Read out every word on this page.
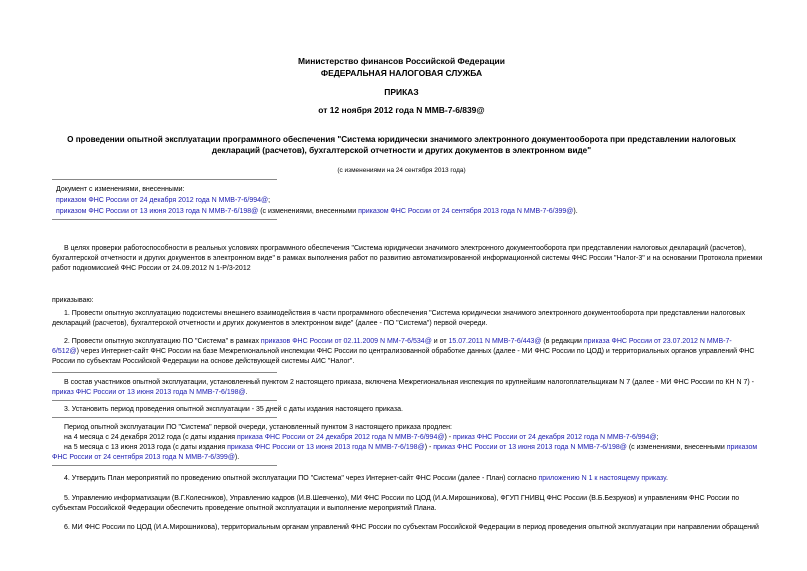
Министерство финансов Российской Федерации
ФЕДЕРАЛЬНАЯ НАЛОГОВАЯ СЛУЖБА
ПРИКАЗ
от 12 ноября 2012 года N ММВ-7-6/839@
О проведении опытной эксплуатации программного обеспечения "Система юридически значимого электронного документооборота при представлении налоговых
деклараций (расчетов), бухгалтерской отчетности и других документов в электронном виде"
(с изменениями на 24 сентября 2013 года)
Документ с изменениями, внесенными:
приказом ФНС России от 24 декабря 2012 года N ММВ-7-6/994@;
приказом ФНС России от 13 июня 2013 года N ММВ-7-6/198@ (с изменениями, внесенными приказом ФНС России от 24 сентября 2013 года N ММВ-7-6/399@).
В целях проверки работоспособности в реальных условиях программного обеспечения "Система юридически значимого электронного документооборота при представлении налоговых деклараций (расчетов),
бухгалтерской отчетности и других документов в электронном виде" в рамках выполнения работ по развитию автоматизированной информационной системы ФНС России "Налог-3" и на основании Протокола приемки
работ подкомиссией ФНС России от 24.09.2012 N 1-Р/3-2012
приказываю:
1. Провести опытную эксплуатацию подсистемы внешнего взаимодействия в части программного обеспечения "Система юридически значимого электронного документооборота при представлении налоговых
деклараций (расчетов), бухгалтерской отчетности и других документов в электронном виде" (далее - ПО "Система") первой очереди.
2. Провести опытную эксплуатацию ПО "Система" в рамках приказов ФНС России от 02.11.2009 N ММ-7-6/534@ и от 15.07.2011 N ММВ-7-6/443@ (в редакции приказа ФНС России от 23.07.2012 N ММВ-7-
6/512@) через Интернет-сайт ФНС России на базе Межрегиональной инспекции ФНС России по централизованной обработке данных (далее - МИ ФНС России по ЦОД) и территориальных органов управлений ФНС
России по субъектам Российской Федерации на основе действующей системы АИС "Налог".
В состав участников опытной эксплуатации, установленный пунктом 2 настоящего приказа, включена Межрегиональная инспекция по крупнейшим налогоплательщикам N 7 (далее - МИ ФНС России по КН N 7) -
приказ ФНС России от 13 июня 2013 года N ММВ-7-6/198@.
3. Установить период проведения опытной эксплуатации - 35 дней с даты издания настоящего приказа.
Период опытной эксплуатации ПО "Система" первой очереди, установленный пунктом 3 настоящего приказа продлен:
на 4 месяца с 24 декабря 2012 года (с даты издания приказа ФНС России от 24 декабря 2012 года N ММВ-7-6/994@) - приказ ФНС России от 24 декабря 2012 года N ММВ-7-6/994@;
на 5 месяца с 13 июня 2013 года (с даты издания приказа ФНС России от 13 июня 2013 года N ММВ-7-6/198@) - приказ ФНС России от 13 июня 2013 года N ММВ-7-6/198@ (с изменениями, внесенными приказом
ФНС России от 24 сентября 2013 года N ММВ-7-6/399@).
4. Утвердить План мероприятий по проведению опытной эксплуатации ПО "Система" через Интернет-сайт ФНС России (далее - План) согласно приложению N 1 к настоящему приказу.
5. Управлению информатизации (В.Г.Колесников), Управлению кадров (И.В.Шевченко), МИ ФНС России по ЦОД (И.А.Мирошникова), ФГУП ГНИВЦ ФНС России (В.Б.Безруков) и управлениям ФНС России по
субъектам Российской Федерации обеспечить проведение опытной эксплуатации и выполнение мероприятий Плана.
6. МИ ФНС России по ЦОД (И.А.Мирошникова), территориальным органам управлений ФНС России по субъектам Российской Федерации в период проведения опытной эксплуатации при направлении обращений
